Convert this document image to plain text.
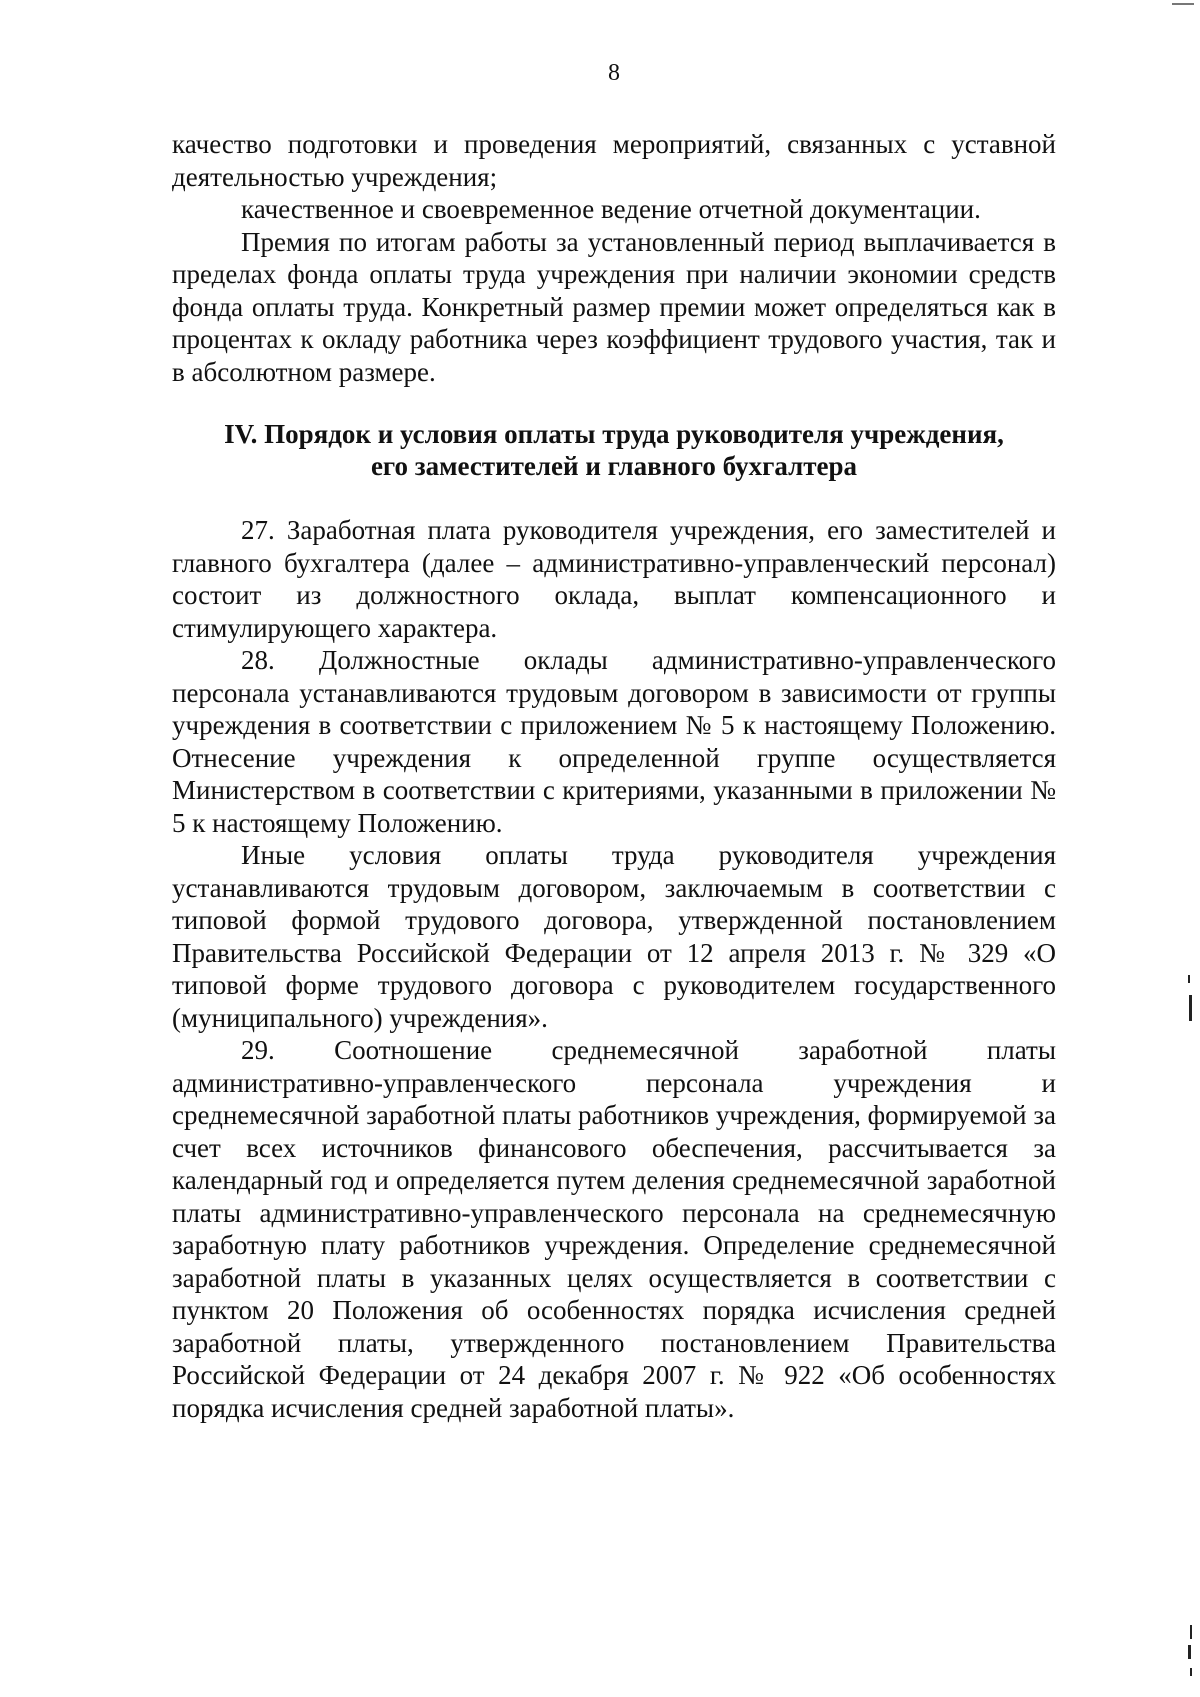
8

качество подготовки и проведения мероприятий, связанных с уставной деятельностью учреждения;

качественное и своевременное ведение отчетной документации.

Премия по итогам работы за установленный период выплачивается в пределах фонда оплаты труда учреждения при наличии экономии средств фонда оплаты труда. Конкретный размер премии может определяться как в процентах к окладу работника через коэффициент трудового участия, так и в абсолютном размере.

IV. Порядок и условия оплаты труда руководителя учреждения,
его заместителей и главного бухгалтера

27. Заработная плата руководителя учреждения, его заместителей и главного бухгалтера (далее – административно-управленческий персонал) состоит из должностного оклада, выплат компенсационного и стимулирующего характера.

28. Должностные оклады административно-управленческого персонала устанавливаются трудовым договором в зависимости от группы учреждения в соответствии с приложением № 5 к настоящему Положению. Отнесение учреждения к определенной группе осуществляется Министерством в соответствии с критериями, указанными в приложении № 5 к настоящему Положению.

Иные условия оплаты труда руководителя учреждения устанавливаются трудовым договором, заключаемым в соответствии с типовой формой трудового договора, утвержденной постановлением Правительства Российской Федерации от 12 апреля 2013 г. № 329 «О типовой форме трудового договора с руководителем государственного (муниципального) учреждения».

29. Соотношение среднемесячной заработной платы административно-управленческого персонала учреждения и среднемесячной заработной платы работников учреждения, формируемой за счет всех источников финансового обеспечения, рассчитывается за календарный год и определяется путем деления среднемесячной заработной платы административно-управленческого персонала на среднемесячную заработную плату работников учреждения. Определение среднемесячной заработной платы в указанных целях осуществляется в соответствии с пунктом 20 Положения об особенностях порядка исчисления средней заработной платы, утвержденного постановлением Правительства Российской Федерации от 24 декабря 2007 г. № 922 «Об особенностях порядка исчисления средней заработной платы».
